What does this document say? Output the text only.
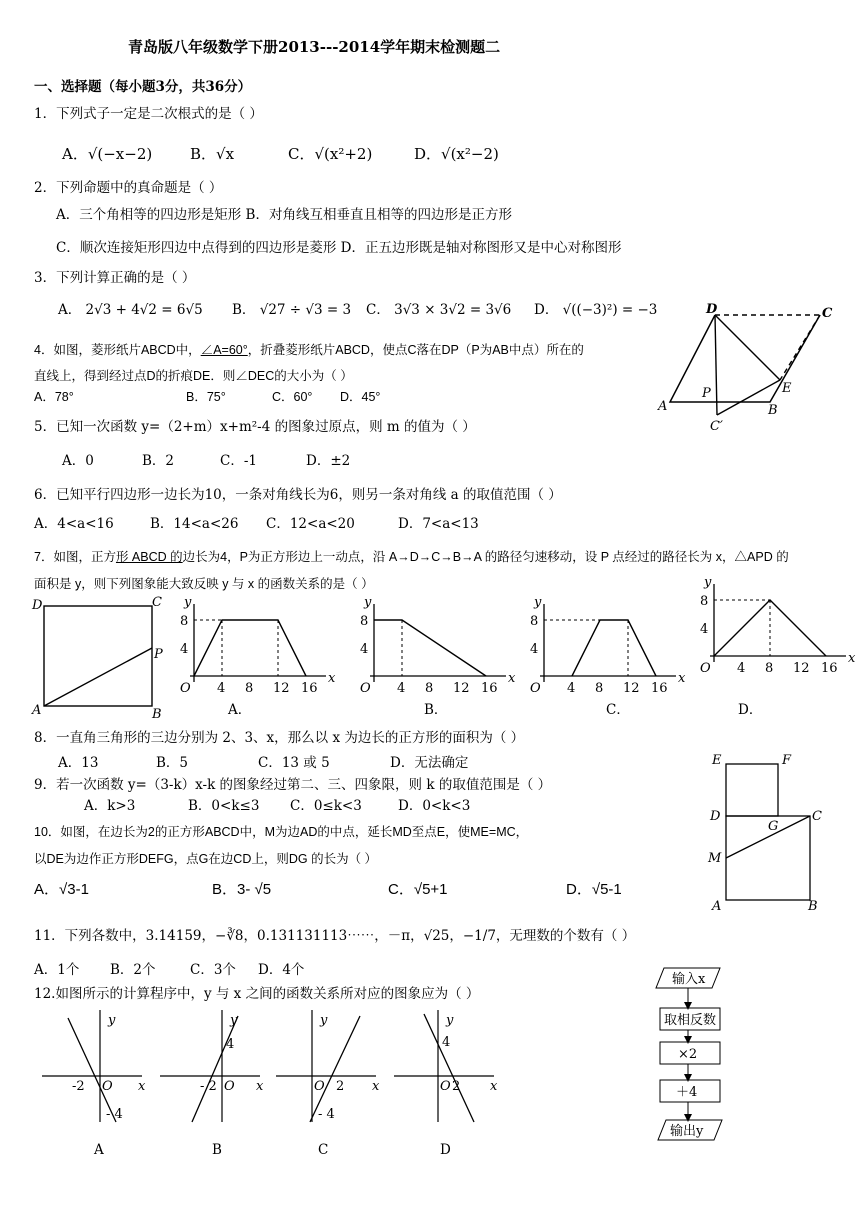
青岛版八年级数学下册2013---2014学年期末检测题二
一、选择题（每小题3分，共36分）
1．下列式子一定是二次根式的是（ ）
A．√(−x−2)	B．√x	C．√(x²+2)	D．√(x²−2)
2．下列命题中的真命题是（ ）
A．三个角相等的四边形是矩形 B．对角线互相垂直且相等的四边形是正方形
C．顺次连接矩形四边中点得到的四边形是菱形 D．正五边形既是轴对称图形又是中心对称图形
3．下列计算正确的是（ ）
A． 2√3 + 4√2 = 6√5 B． √27 ÷ √3 = 3 C． 3√3 × 3√2 = 3√6 D． √((−3)²) = −3
4．如图，菱形纸片ABCD中，∠A=60°，折叠菱形纸片ABCD，使点C落在DP（P为AB中点）所在的
直线上，得到经过点D的折痕DE．则∠DEC的大小为（ ）
A．78°	B．75°	C．60° D．45°
D	C
P	E
A	B
C′
5．已知一次函数 y=（2+m）x+m²-4 的图象过原点，则 m 的值为（ ）
A．0	B．2	C．-1	D．±2
6．已知平行四边形一边长为10，一条对角线长为6，则另一条对角线 a 的取值范围（ ）
A．4<a<16	B．14<a<26 C．12<a<20	D．7<a<13
7．如图，正方形 ABCD 的边长为4，P为正方形边上一动点，沿 A→D→C→B→A 的路径匀速移动，设 P 点经过的路径长为 x，△APD 的
面积是 y，则下列图象能大致反映 y 与 x 的函数关系的是（ ）
D	C
P
A	B
x
y
O 4 8 12 16
4
8
x
y
O 4 8 12 16
4
8
x
y
O 4 8 12 16
4
8
x
y
O 4 8 12 16
4
8
A．	B．	C．	D．
8．一直角三角形的三边分别为 2、3、x，那么以 x 为边长的正方形的面积为（ ）
A．13	B．5	C．13 或 5	D．无法确定
9．若一次函数 y=（3-k）x-k 的图象经过第二、三、四象限，则 k 的取值范围是（ ）
A．k>3	B．0<k≤3 C．0≤k<3	D．0<k<3
10．如图，在边长为2的正方形ABCD中，M为边AD的中点，延长MD至点E，使ME=MC，
以DE为边作正方形DEFG，点G在边CD上，则DG 的长为（ ）
A．√3-1	B．3- √5	C．√5+1	D．√5-1
E	F
D
G
C
M
A	B
11．下列各数中，3.14159，−∛8，0.131131113⋯⋯，－π，√25，−1/7，无理数的个数有（ ）
A．1个 B．2个	C．3个 D．4个
12.如图所示的计算程序中，y 与 x 之间的函数关系所对应的图象应为（ ）
输入x
取相反数
×2
＋4
输出y
y
x
O
-2
- 4
y
x
O
- 2
4
y
x
O 2
- 4
y
x
O 2
4
A	B	C	D
